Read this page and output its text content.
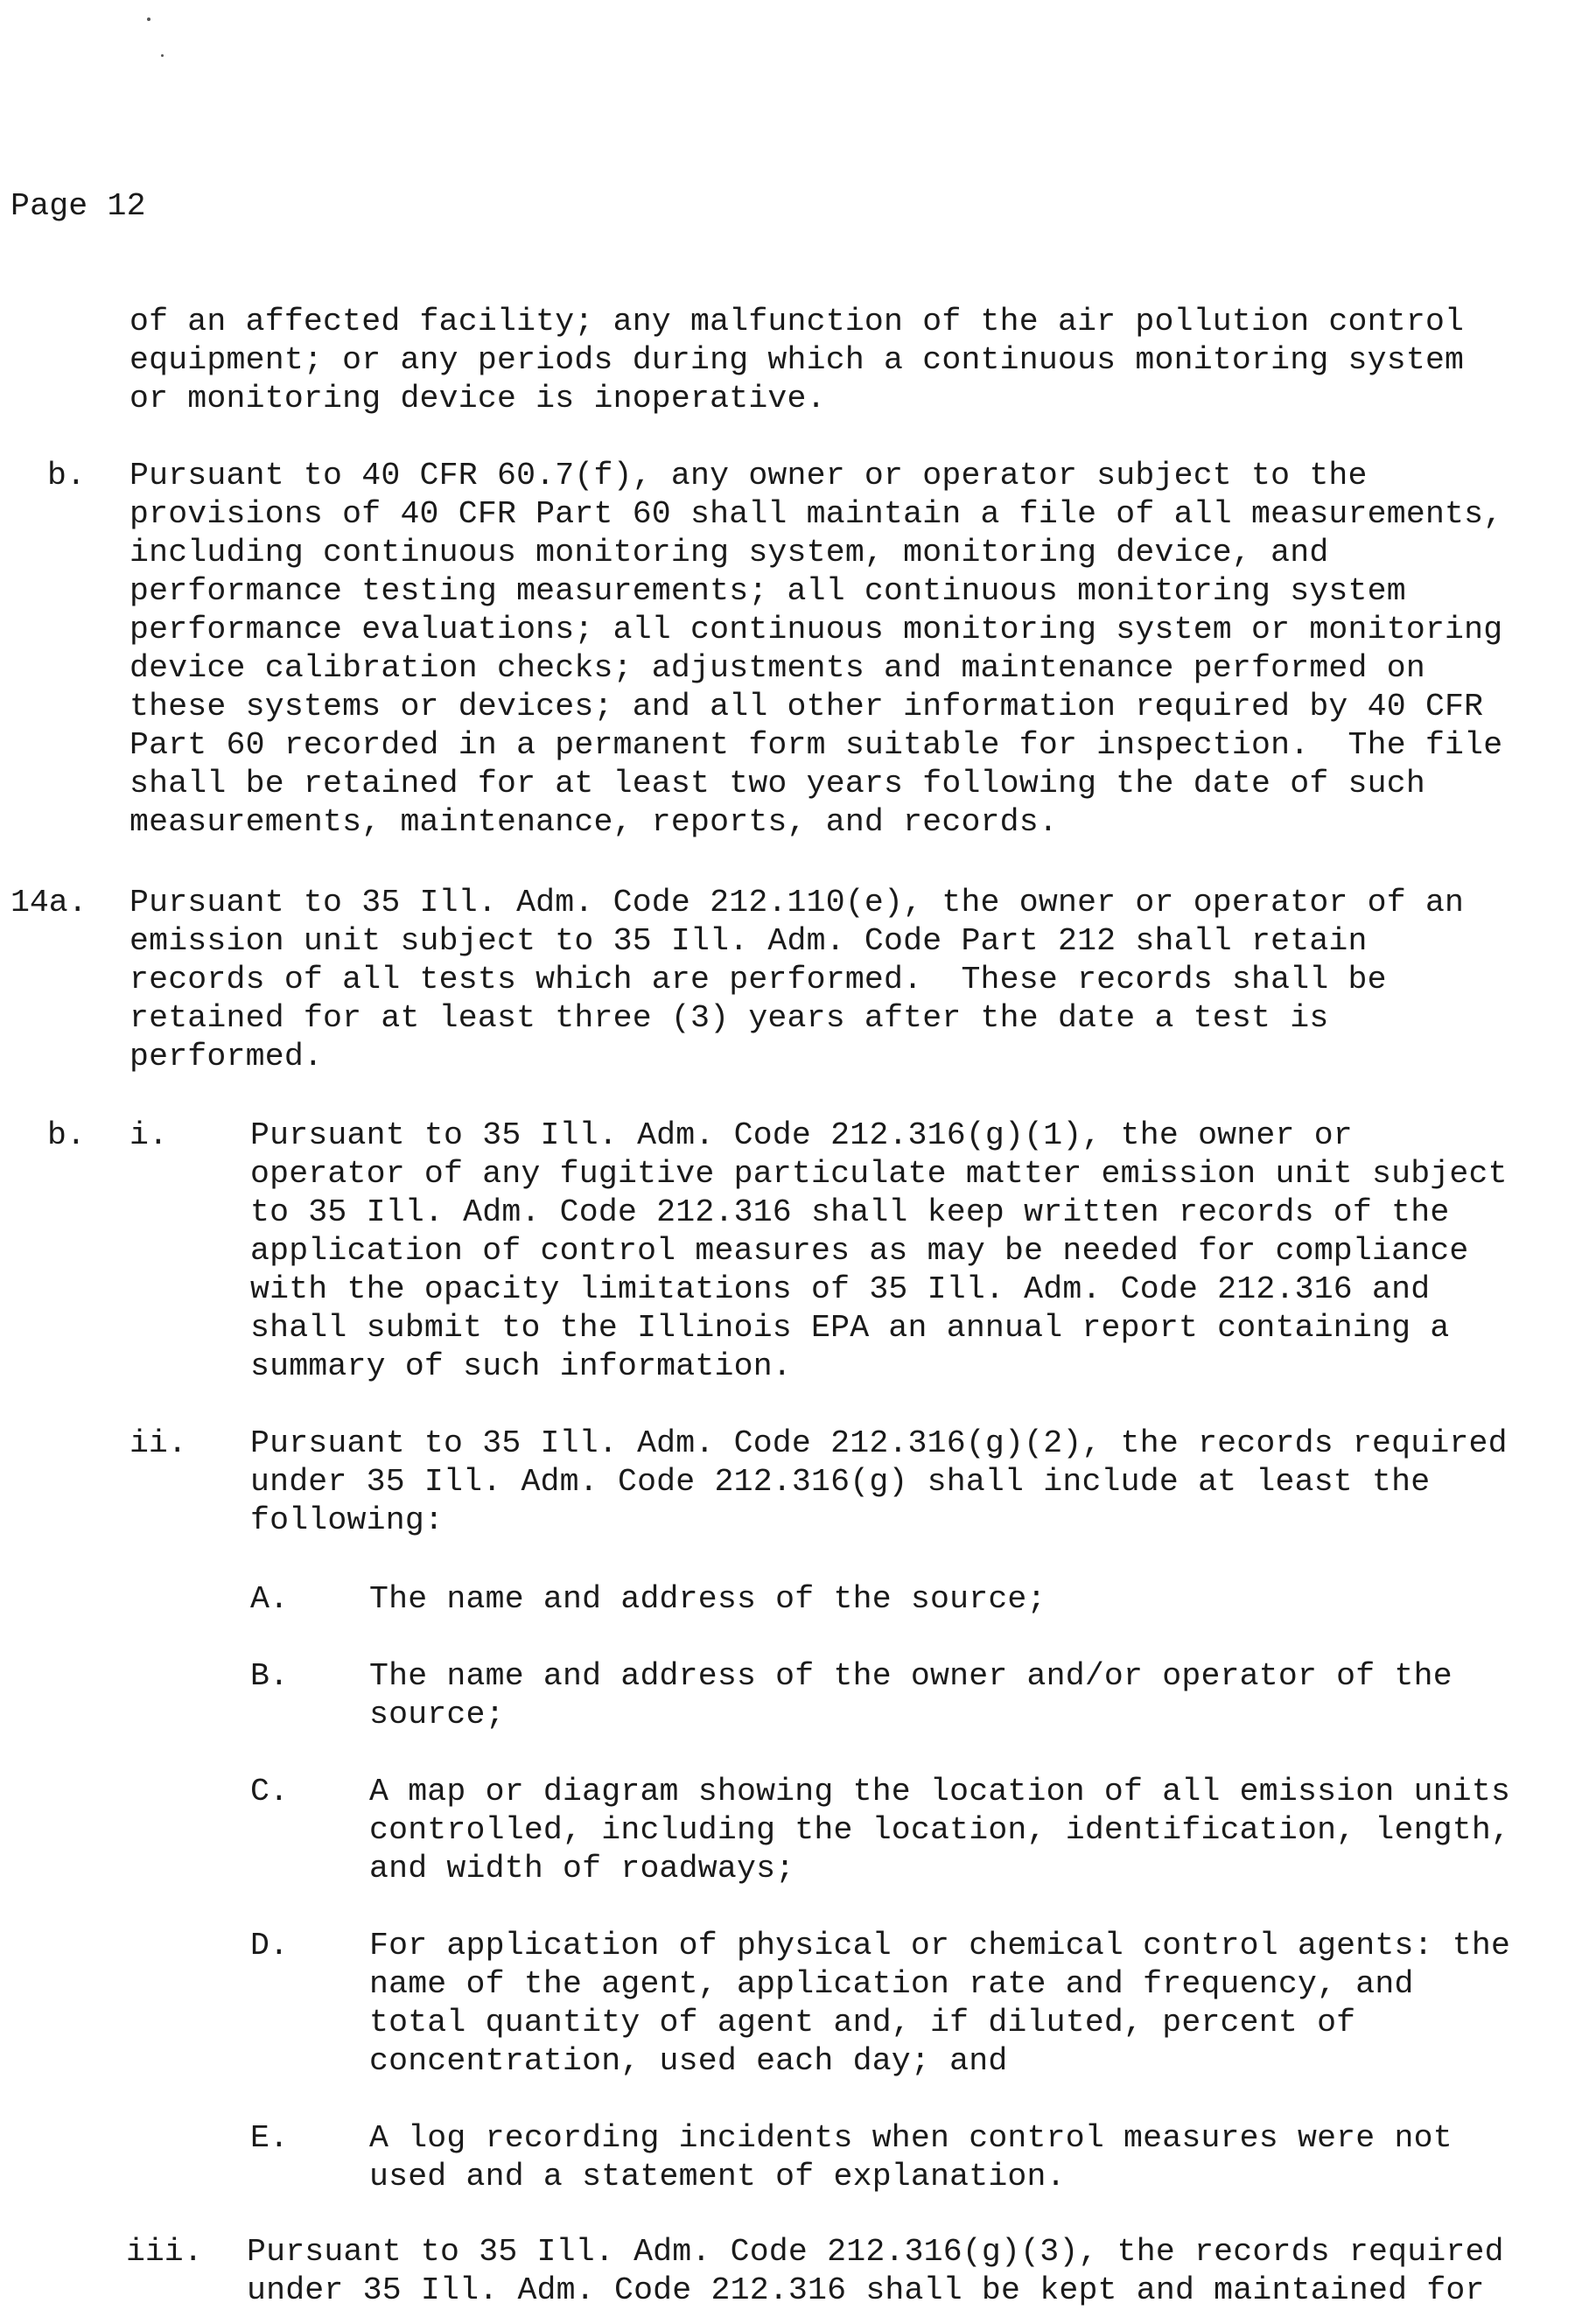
Page 12
of an affected facility; any malfunction of the air pollution control
equipment; or any periods during which a continuous monitoring system
or monitoring device is inoperative.
b. Pursuant to 40 CFR 60.7(f), any owner or operator subject to the
provisions of 40 CFR Part 60 shall maintain a file of all measurements,
including continuous monitoring system, monitoring device, and
performance testing measurements; all continuous monitoring system
performance evaluations; all continuous monitoring system or monitoring
device calibration checks; adjustments and maintenance performed on
these systems or devices; and all other information required by 40 CFR
Part 60 recorded in a permanent form suitable for inspection.  The file
shall be retained for at least two years following the date of such
measurements, maintenance, reports, and records.
14a. Pursuant to 35 Ill. Adm. Code 212.110(e), the owner or operator of an
emission unit subject to 35 Ill. Adm. Code Part 212 shall retain
records of all tests which are performed.  These records shall be
retained for at least three (3) years after the date a test is
performed.
b. i.	Pursuant to 35 Ill. Adm. Code 212.316(g)(1), the owner or
operator of any fugitive particulate matter emission unit subject
to 35 Ill. Adm. Code 212.316 shall keep written records of the
application of control measures as may be needed for compliance
with the opacity limitations of 35 Ill. Adm. Code 212.316 and
shall submit to the Illinois EPA an annual report containing a
summary of such information.
ii. Pursuant to 35 Ill. Adm. Code 212.316(g)(2), the records required
under 35 Ill. Adm. Code 212.316(g) shall include at least the
following:
A.	The name and address of the source;
B.	The name and address of the owner and/or operator of the
source;
C.	A map or diagram showing the location of all emission units
controlled, including the location, identification, length,
and width of roadways;
D.	For application of physical or chemical control agents: the
name of the agent, application rate and frequency, and
total quantity of agent and, if diluted, percent of
concentration, used each day; and
E.	A log recording incidents when control measures were not
used and a statement of explanation.
iii. Pursuant to 35 Ill. Adm. Code 212.316(g)(3), the records required
under 35 Ill. Adm. Code 212.316 shall be kept and maintained for
